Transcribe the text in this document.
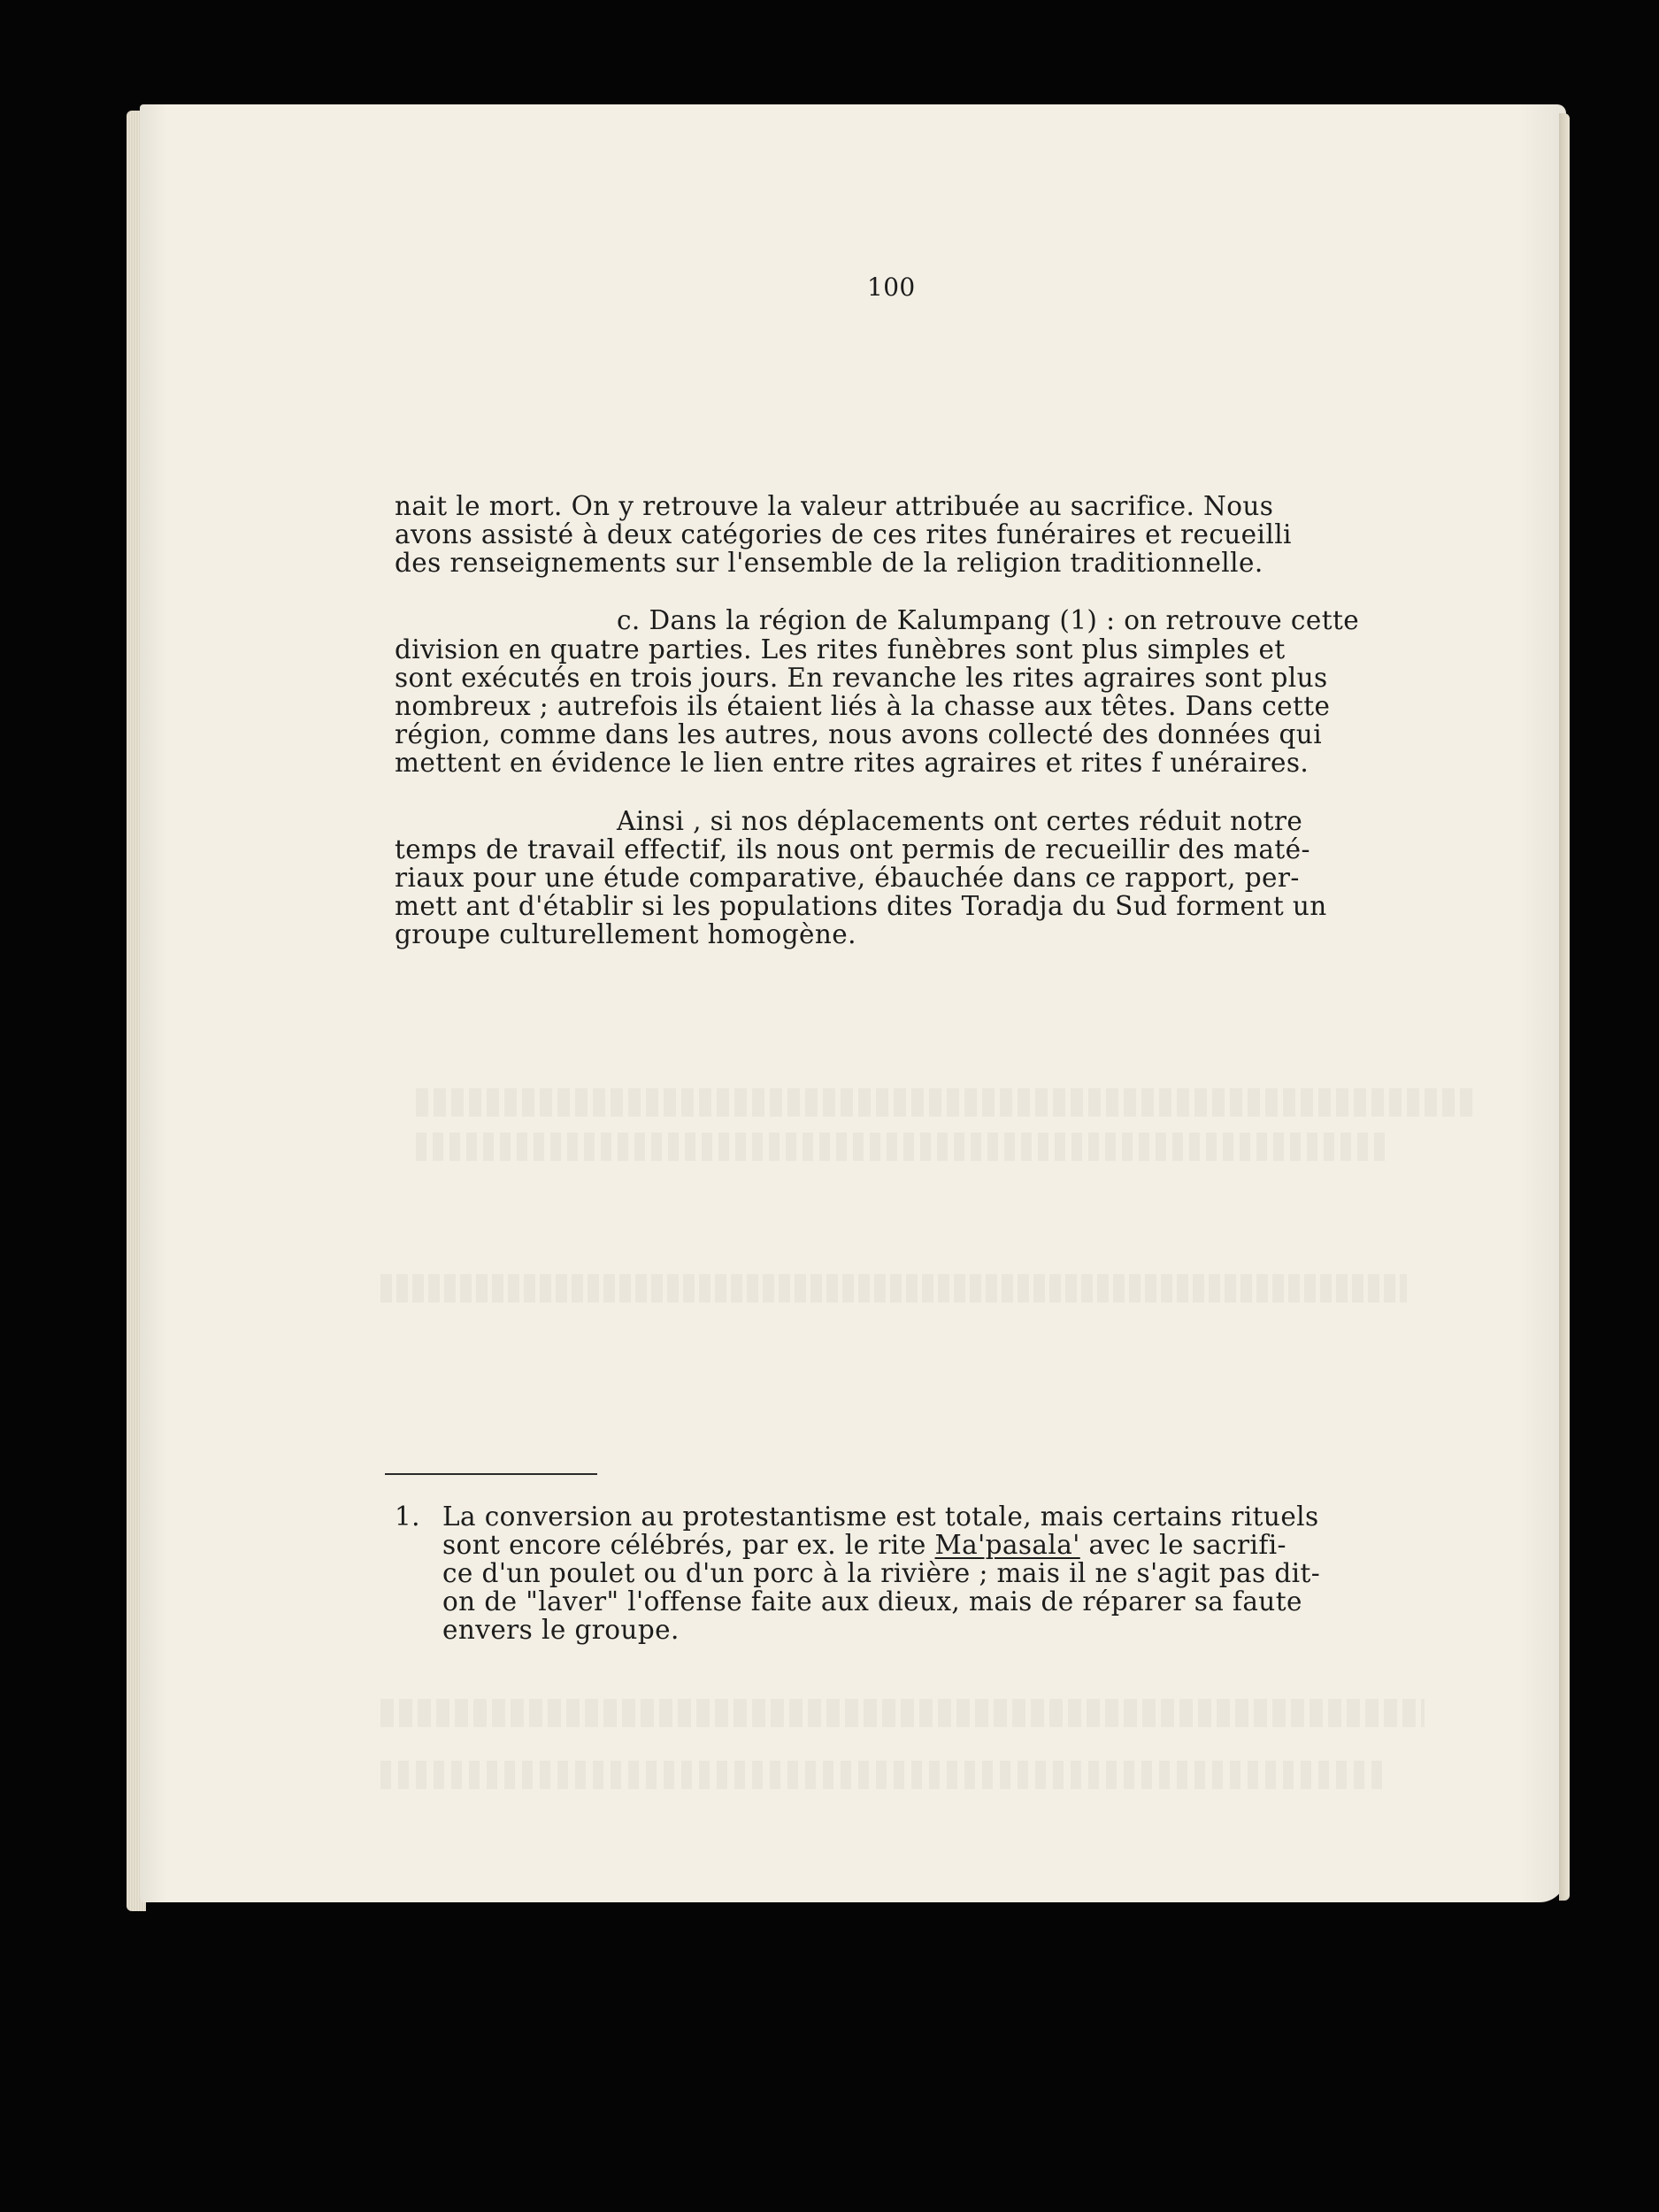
100
nait le mort. On y retrouve la valeur attribuée au sacrifice. Nous
avons assisté à deux catégories de ces rites funéraires et recueilli
des renseignements sur l'ensemble de la religion traditionnelle.
c. Dans la région de Kalumpang (1) : on retrouve cette
division en quatre parties. Les rites funèbres sont plus simples et
sont exécutés en trois jours. En revanche les rites agraires sont plus
nombreux ; autrefois ils étaient liés à la chasse aux têtes. Dans cette
région, comme dans les autres, nous avons collecté des données qui
mettent en évidence le lien entre rites agraires et rites f unéraires.
Ainsi , si nos déplacements ont certes réduit notre
temps de travail effectif, ils nous ont permis de recueillir des maté-
riaux pour une étude comparative, ébauchée dans ce rapport, per-
mett ant d'établir si les populations dites Toradja du Sud forment un
groupe culturellement homogène.
1. La conversion au protestantisme est totale, mais certains rituels
sont encore célébrés, par ex. le rite Ma'pasala' avec le sacrifi-
ce d'un poulet ou d'un porc à la rivière ; mais il ne s'agit pas dit-
on de "laver" l'offense faite aux dieux, mais de réparer sa faute
envers le groupe.
